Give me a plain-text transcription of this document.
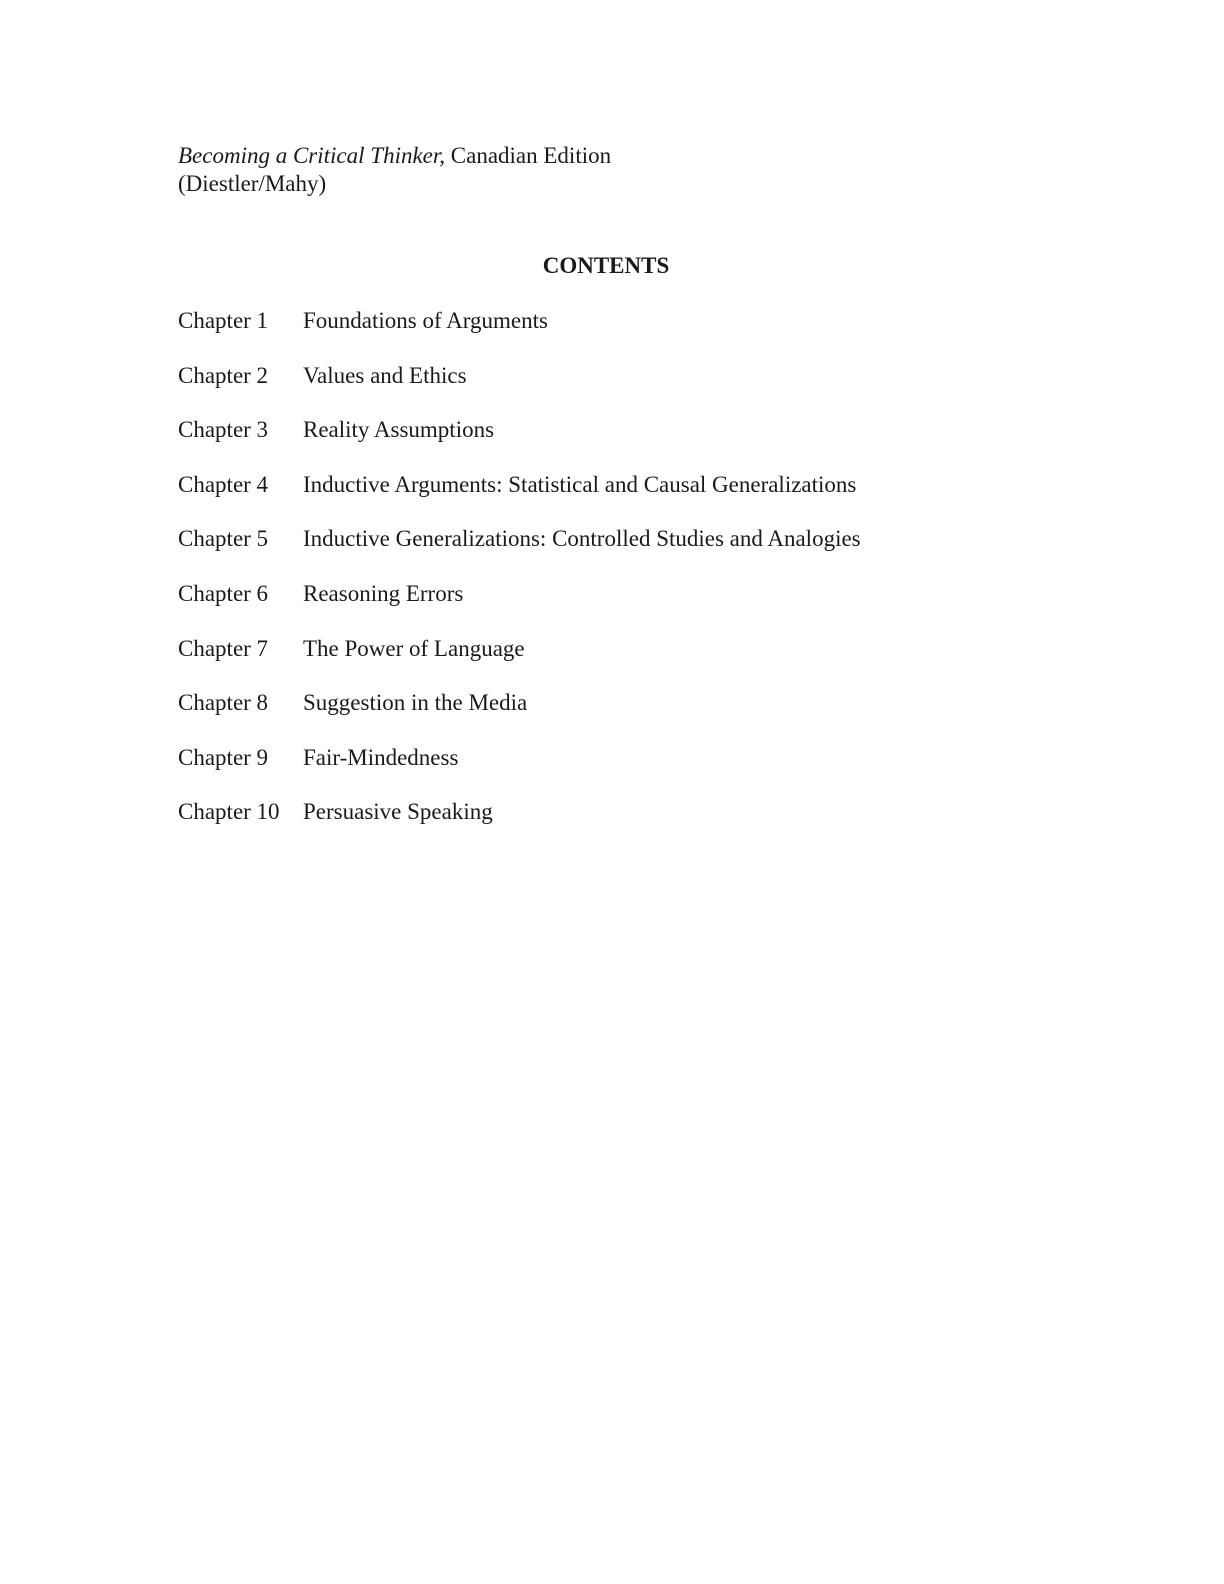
Becoming a Critical Thinker, Canadian Edition
(Diestler/Mahy)
CONTENTS
Chapter 1 Foundations of Arguments
Chapter 2 Values and Ethics
Chapter 3 Reality Assumptions
Chapter 4 Inductive Arguments: Statistical and Causal Generalizations
Chapter 5 Inductive Generalizations: Controlled Studies and Analogies
Chapter 6 Reasoning Errors
Chapter 7 The Power of Language
Chapter 8 Suggestion in the Media
Chapter 9 Fair-Mindedness
Chapter 10 Persuasive Speaking
